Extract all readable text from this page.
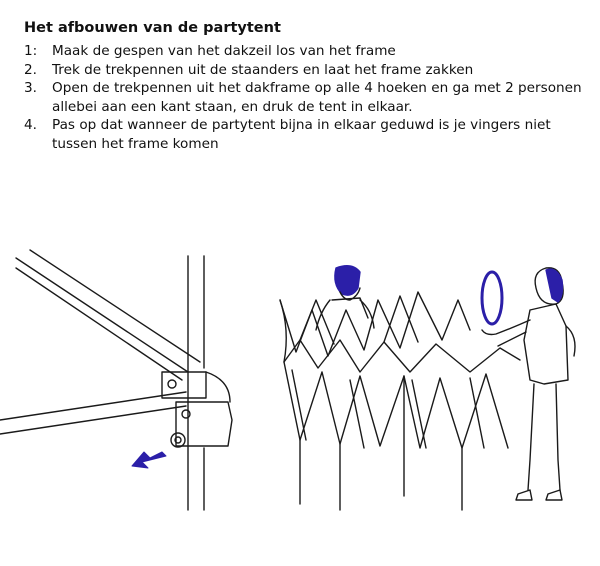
Het afbouwen van de partytent
1:	Maak de gespen van het dakzeil los van het frame
2.	Trek de trekpennen uit de staanders en laat het frame zakken
3.	Open de trekpennen uit het dakframe op alle 4 hoeken en ga met 2 personen allebei aan een kant staan, en druk de tent in elkaar.
4.	Pas op dat wanneer de partytent bijna in elkaar geduwd is je vingers niet tussen het frame komen
